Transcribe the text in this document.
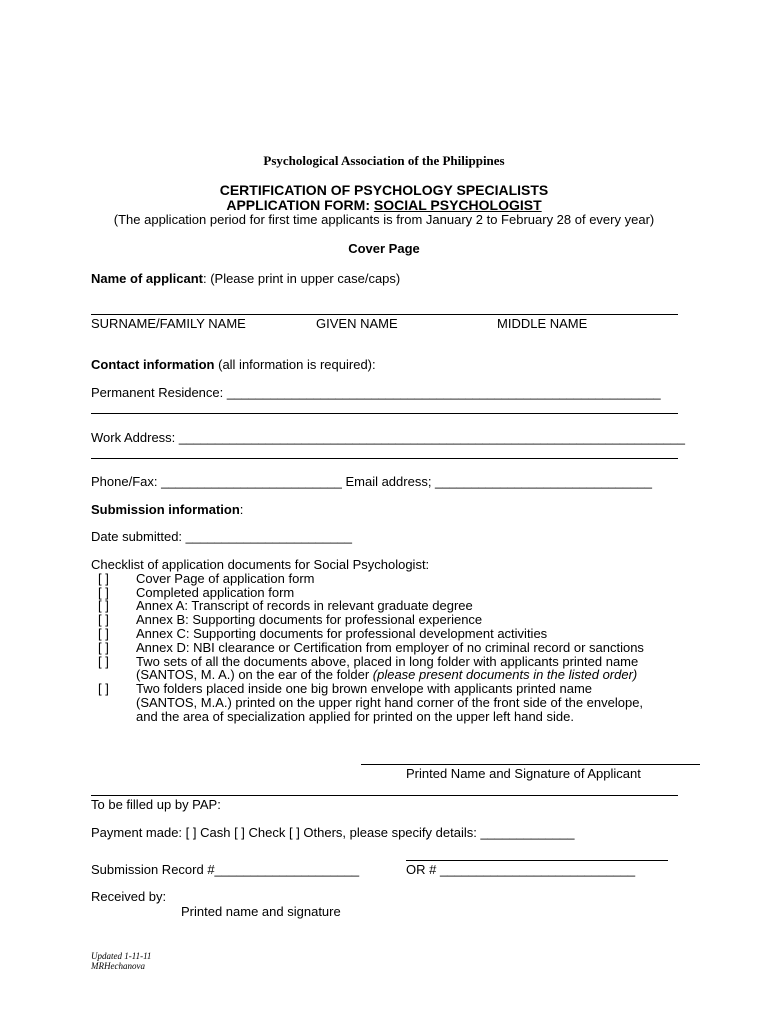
Psychological Association of the Philippines
CERTIFICATION OF PSYCHOLOGY SPECIALISTS
APPLICATION FORM: SOCIAL PSYCHOLOGIST
(The application period for first time applicants is from January 2 to February 28 of every year)
Cover Page
Name of applicant: (Please print in upper case/caps)
SURNAME/FAMILY NAME	GIVEN NAME	MIDDLE NAME
Contact information (all information is required):
Permanent Residence: ____________________________________________________________
Work Address: ______________________________________________________________________
Phone/Fax: _________________________ Email address; ______________________________
Submission information:
Date submitted: _______________________
Checklist of application documents for Social Psychologist:
[ ] Cover Page of application form
[ ] Completed application form
[ ] Annex A: Transcript of records in relevant graduate degree
[ ] Annex B: Supporting documents for professional experience
[ ] Annex C: Supporting documents for professional development activities
[ ] Annex D: NBI clearance or Certification from employer of no criminal record or sanctions
[ ] Two sets of all the documents above, placed in long folder with applicants printed name
(SANTOS, M. A.) on the ear of the folder (please present documents in the listed order)
[ ] Two folders placed inside one big brown envelope with applicants printed name
(SANTOS, M.A.) printed on the upper right hand corner of the front side of the envelope,
and the area of specialization applied for printed on the upper left hand side.
Printed Name and Signature of Applicant
To be filled up by PAP:
Payment made: [ ] Cash [ ] Check [ ] Others, please specify details: _____________
Submission Record #____________________	OR # ___________________________
Received by:
Printed name and signature
Updated 1-11-11
MRHechanova
